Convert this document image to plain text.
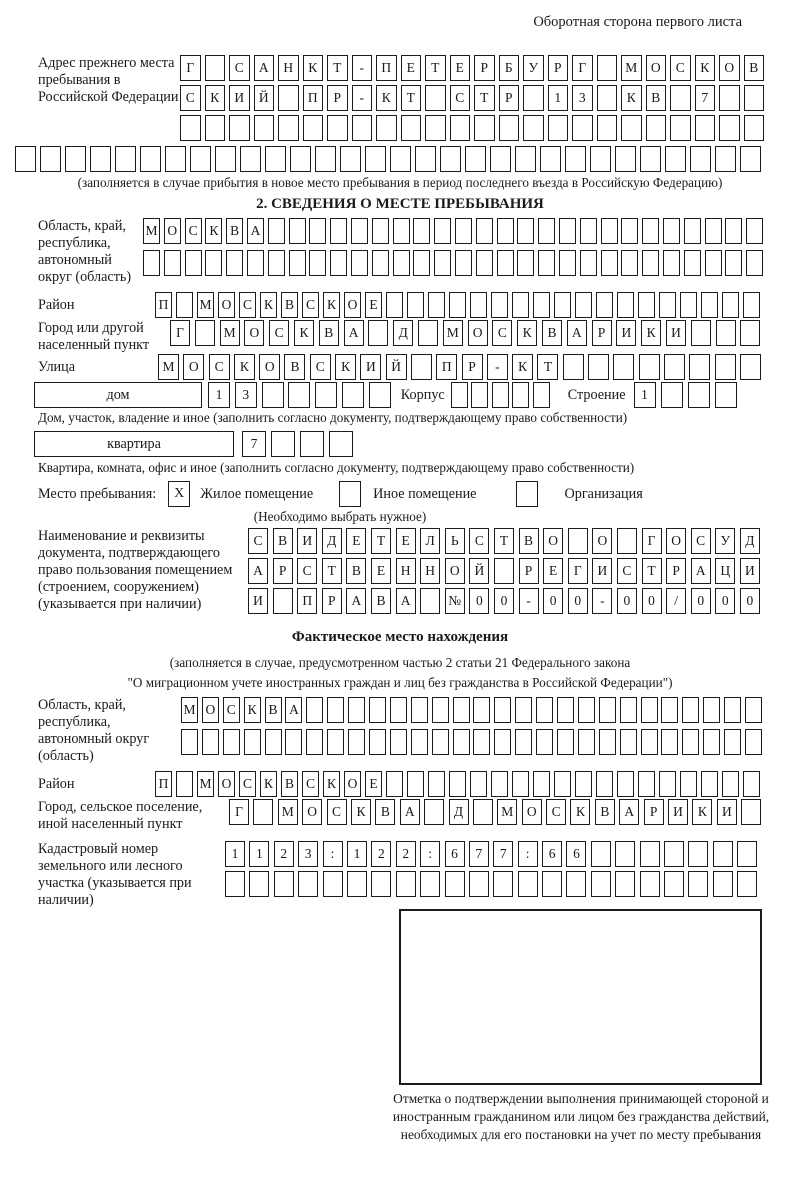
Оборотная сторона первого листа
Адрес прежнего места пребывания в Российской Федерации
Г	С	А	Н	К	Т	-	П	Е	Т	Е	Р	Б	У	Р	Г	М	О	С	К	О	В
С	К	И	Й	П	Р	-	К	Т	С	Т	Р	1	3	К	В	7
(заполняется в случае прибытия в новое место пребывания в период последнего въезда в Российскую Федерацию)
2. СВЕДЕНИЯ О МЕСТЕ ПРЕБЫВАНИЯ
Область, край, республика, автономный округ (область)
М О С К В А
Район	П М О С К В С К О Е
Город или другой населенный пункт
Г	М	О	С	К	В	А	Д	М	О	С	К	В	А	Р	И	К	И
Улица	М	О	С	К	О	В	С	К	И	Й	П	Р	-	К	Т
дом	1	3	Корпус	Строение	1
Дом, участок, владение и иное (заполнить согласно документу, подтверждающему право собственности)
квартира	7
Квартира, комната, офис и иное (заполнить согласно документу, подтверждающему право собственности)
Место пребывания:	X	Жилое помещение	Иное помещение	Организация
(Необходимо выбрать нужное)
Наименование и реквизиты документа, подтверждающего право пользования помещением (строением, сооружением) (указывается при наличии)
С	В	И	Д	Е	Т	Е	Л	Ь	С	Т	В	О	О	Г	О	С	У	Д
А	Р	С	Т	В	Е	Н	Н	О	Й	Р	Е	Г	И	С	Т	Р	А	Ц	И
И	П	Р	А	В	А	№	0	0	-	0	0	-	0	0	/	0	0	0
Фактическое место нахождения
(заполняется в случае, предусмотренном частью 2 статьи 21 Федерального закона
"О миграционном учете иностранных граждан и лиц без гражданства в Российской Федерации")
Область, край, республика, автономный округ (область)
М О С К В А
Район	П М О С К В С К О Е
Город, сельское поселение, иной населенный пункт
Г	М	О	С	К	В	А	Д	М	О	С	К	В	А	Р	И	К	И
Кадастровый номер земельного или лесного участка (указывается при наличии)
1	1	2	3	:	1	2	2	:	6	7	7	:	6	6
Отметка о подтверждении выполнения принимающей стороной и иностранным гражданином или лицом без гражданства действий, необходимых для его постановки на учет по месту пребывания
